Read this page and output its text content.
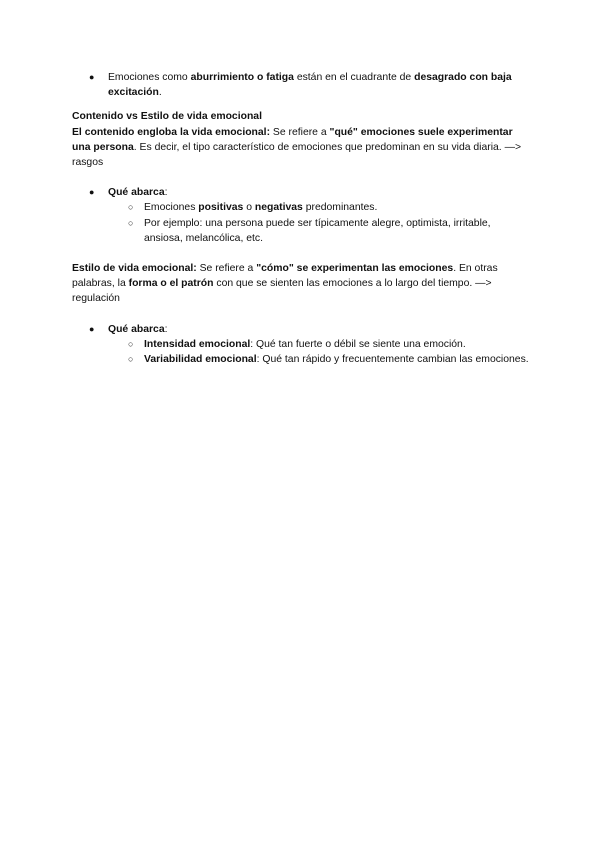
● Emociones como aburrimiento o fatiga están en el cuadrante de desagrado con baja excitación.

Contenido vs Estilo de vida emocional

El contenido engloba la vida emocional: Se refiere a "qué" emociones suele experimentar una persona. Es decir, el tipo característico de emociones que predominan en su vida diaria. —> rasgos

● Qué abarca:
○ Emociones positivas o negativas predominantes.
○ Por ejemplo: una persona puede ser típicamente alegre, optimista, irritable, ansiosa, melancólica, etc.

Estilo de vida emocional: Se refiere a "cómo" se experimentan las emociones. En otras palabras, la forma o el patrón con que se sienten las emociones a lo largo del tiempo. —> regulación

● Qué abarca:
○ Intensidad emocional: Qué tan fuerte o débil se siente una emoción.
○ Variabilidad emocional: Qué tan rápido y frecuentemente cambian las emociones.
